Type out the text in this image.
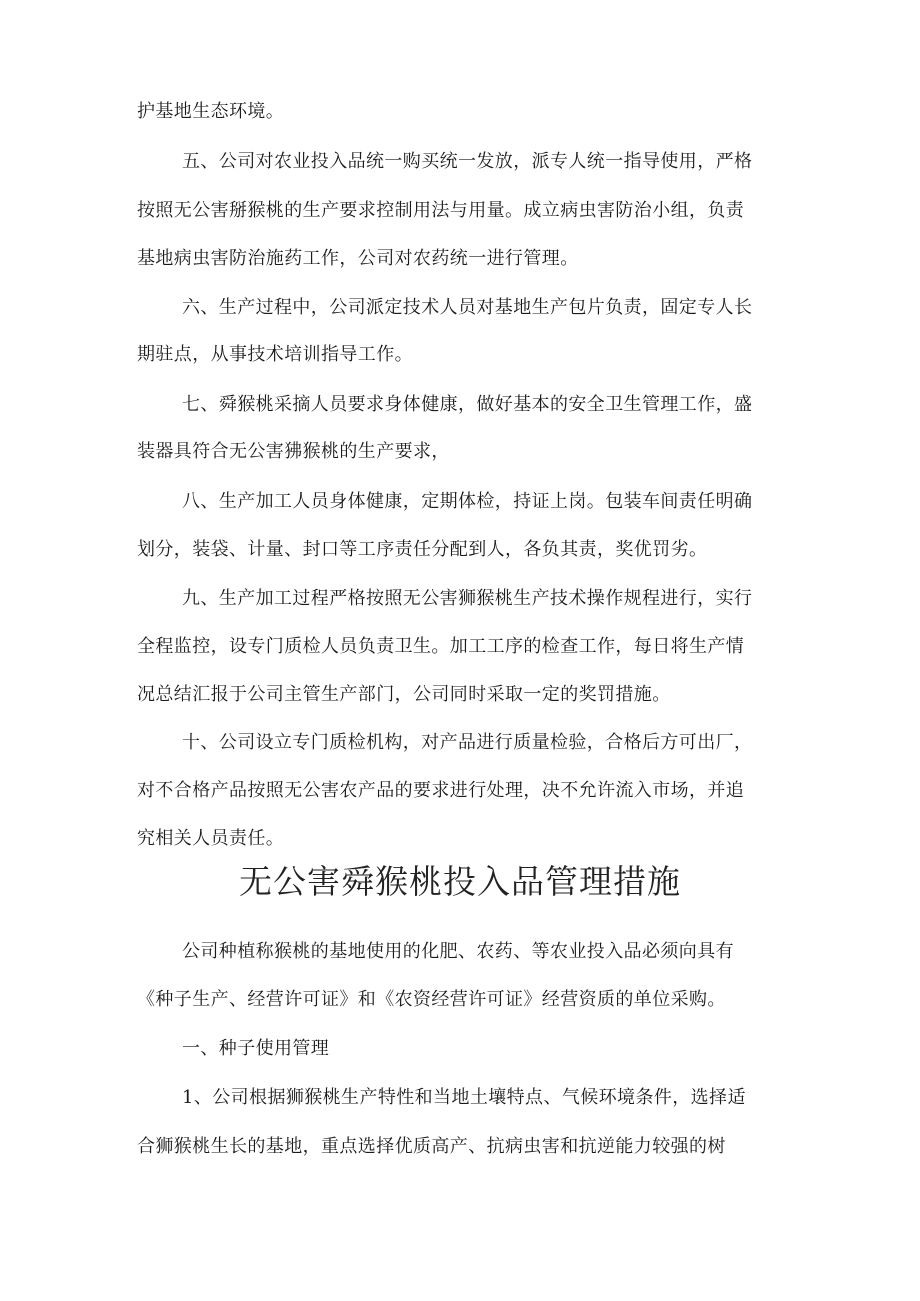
护基地生态环境。
五、公司对农业投入品统一购买统一发放，派专人统一指导使用，严格
按照无公害掰猴桃的生产要求控制用法与用量。成立病虫害防治小组，负责
基地病虫害防治施药工作，公司对农药统一进行管理。
六、生产过程中，公司派定技术人员对基地生产包片负责，固定专人长
期驻点，从事技术培训指导工作。
七、舜猴桃采摘人员要求身体健康，做好基本的安全卫生管理工作，盛
装器具符合无公害狒猴桃的生产要求，
八、生产加工人员身体健康，定期体检，持证上岗。包装车间责任明确
划分，装袋、计量、封口等工序责任分配到人，各负其责，奖优罚劣。
九、生产加工过程严格按照无公害狮猴桃生产技术操作规程进行，实行
全程监控，设专门质检人员负责卫生。加工工序的检查工作，每日将生产情
况总结汇报于公司主管生产部门，公司同时采取一定的奖罚措施。
十、公司设立专门质检机构，对产品进行质量检验，合格后方可出厂，
对不合格产品按照无公害农产品的要求进行处理，决不允许流入市场，并追
究相关人员责任。
无公害舜猴桃投入品管理措施
公司种植称猴桃的基地使用的化肥、农药、等农业投入品必须向具有
《种子生产、经营许可证》和《农资经营许可证》经营资质的单位采购。
一、种子使用管理
1、公司根据狮猴桃生产特性和当地土壤特点、气候环境条件，选择适
合狮猴桃生长的基地，重点选择优质高产、抗病虫害和抗逆能力较强的树
